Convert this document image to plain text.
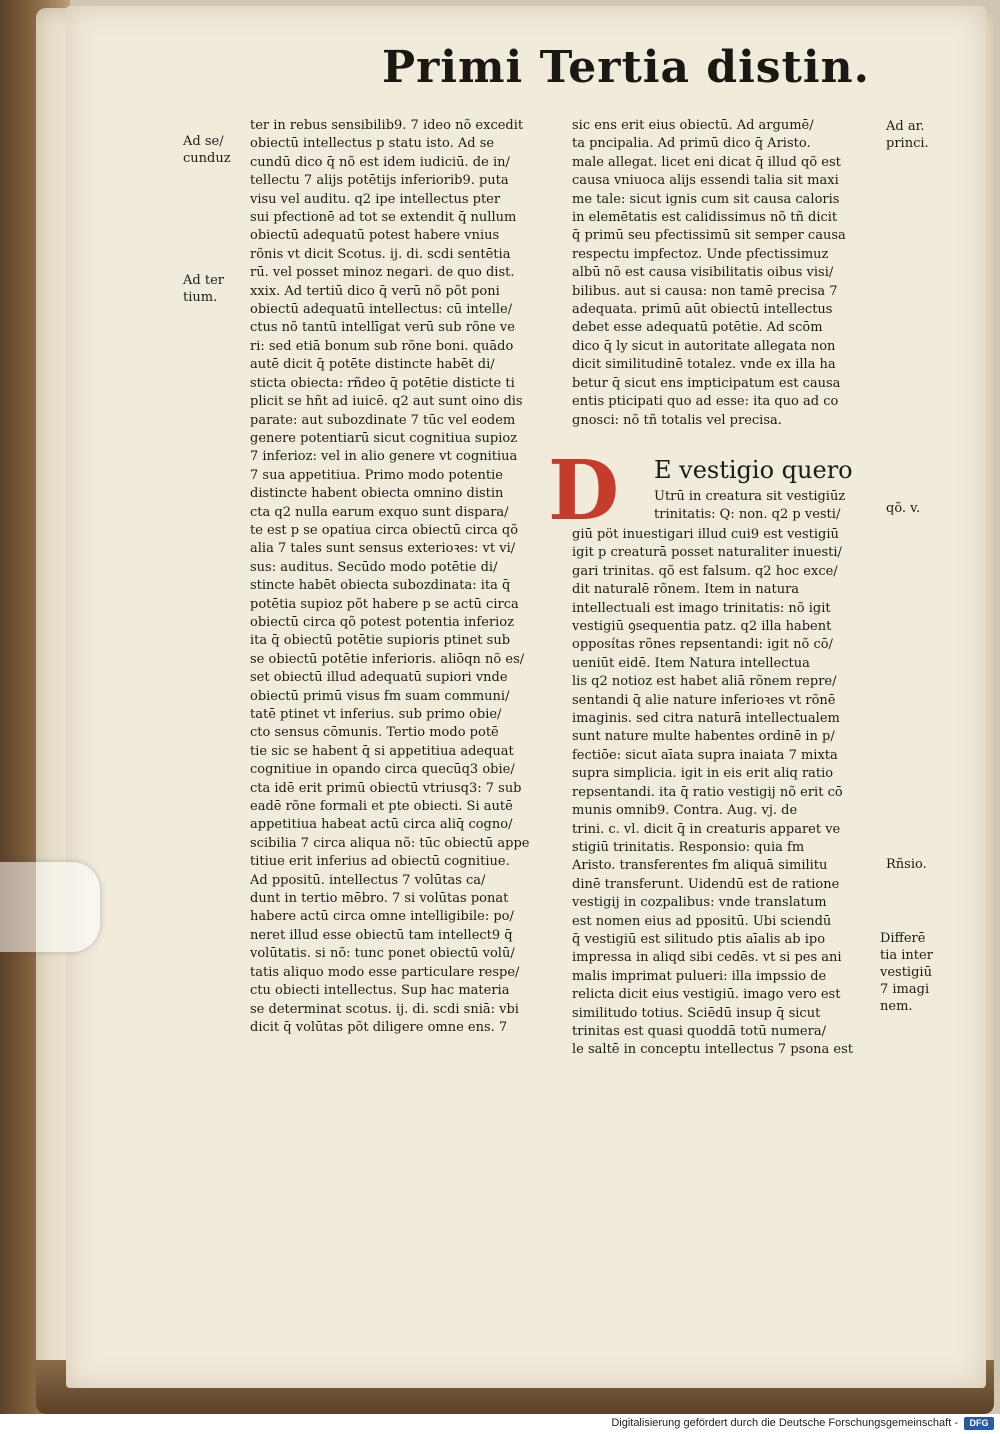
Primi Tertia distin.
Ad se/
cunduz
Ad ter
tium.
ter in rebus sensibilib9. 7 ideo nõ excedit
obiectū intellectus p statu isto. Ad se
cundū dico q̄ nõ est idem iudiciū. de in/
tellectu 7 aliјs potētijs inferiorib9. puta
visu vel auditu. q2 ipe intellectus pter
sui pfectionē ad tot se extendit q̄ nullum
obiectū adequatū potest habere vnius
rõnis vt dicit Scotus. ij. di. scdi sentētia
rū. vel posset minoz negari. de quo dist.
xxix. Ad tertiū dico q̄ verū nõ põt poni
obiectū adequatū intellectus: cū intelle/
ctus nõ tantū intellīgat verū sub rõne ve
ri: sed etiā bonum sub rõne boni. quādo
autē dicit q̄ potēte distincte habēt di/
sticta obiecta: rñdeo q̄ potētie disticte ti
plicit se hñt ad iuicē. q2 aut sunt oino dis
parate: aut subozdinate 7 tūc vel eodem
genere potentiarū sicut cognitiua supioz
7 inferioz: vel in alio genere vt cognitiua
7 sua appetitiua. Primo modo potentie
distincte habent obiecta omnino distin
cta q2 nulla earum exquo sunt dispara/
te est p se opatiua circa obiectū circa qõ
alia 7 tales sunt sensus exterioꝛes: vt vi/
sus: auditus. Secūdo modo potētie di/
stincte habēt obiecta subozdinata: ita q̄
potētia supioz põt habere p se actū circa
obiectū circa qõ potest potentia inferioz
ita q̄ obiectū potētie supioris ptinet sub
se obiectū potētie inferioris. aliōqn nõ es/
set obiectū illud adequatū supiori vnde
obiectū primū visus fm suam communi/
tatē ptinet vt inferius. sub primo obie/
cto sensus cōmunis. Tertio modo potē
tie sic se habent q̄ si appetitiua adequat
cognitiue in opando circa quecūq3 obie/
cta idē erit primū obiectū vtriusq3: 7 sub
eadē rõne formali et pte obiecti. Si autē
appetitiua habeat actū circa aliq̄ cogno/
scibilia 7 circa aliqua nõ: tūc obiectū appe
titiue erit inferius ad obiectū cognitiue.
Ad ppositū. intellectus 7 volūtas ca/
dunt in tertio mēbro. 7 si volūtas ponat
habere actū circa omne intelligibile: po/
neret illud esse obiectū tam intellect9 q̄
volūtatis. si nõ: tunc ponet obiectū volū/
tatis aliquo modo esse particulare respe/
ctu obiecti intellectus. Sup hac materia
se determinat scotus. ij. di. scdi sniā: vbi
dicit q̄ volūtas põt diligere omne ens. 7
sic ens erit eius obiectū. Ad argumē/
ta pncipalia. Ad primū dico q̄ Aristo.
male allegat. licet eni dicat q̄ illud qõ est
causa vniuoca aliјs essendi talia sit maxi
me tale: sicut ignis cum sit causa caloris
in elemētatis est calidissimus nõ tñ dicit
q̄ primū seu pfectissimū sit semper causa
respectu impfectoz. Unde pfectissimuz
albū nõ est causa visibilitatis oibus visi/
bilibus. aut si causa: non tamē precisa 7
adequata. primū aūt obiectū intellectus
debet esse adequatū potētie. Ad scōm
dico q̄ ly sicut in autoritate allegata non
dicit similitudinē totalez. vnde ex illa ha
betur q̄ sicut ens impticipatum est causa
entis pticipati quo ad esse: ita quo ad co
gnosci: nõ tñ totalis vel precisa.
D E vestigio quero
Utrū in creatura sit vestigiūz
trinitatis: Q: non. q2 p vesti/
giū pöt inuestigari illud cui9 est vestigiū
igit p creaturā posset naturaliter inuesti/
gari trinitas. qõ est falsum. q2 hoc exce/
dit naturalē rõnem. Item in natura
intellectuali est imago trinitatis: nõ igit
vestigiū ꝯsequentia patz. q2 illa habent
opposítas rõnes repsentandi: igit nõ cō/
ueniūt eidē. Item Natura intellectua
lis q2 notioz est habet aliā rõnem repre/
sentandi q̄ alie nature inferioꝛes vt rõnē
imaginis. sed citra naturā intellectualem
sunt nature multe habentes ordinē in p/
fectiōe: sicut aīata supra inaiata 7 mixta
supra simplicia. igit in eis erit aliq ratio
repsentandi. ita q̄ ratio vestigij nõ erit cō
munis omnib9. Contra. Aug. vj. de
trini. c. vl. dicit q̄ in creaturis apparet ve
stigiū trinitatis. Responsio: quia fm
Aristo. transferentes fm aliquā similitu
dinē transferunt. Uidendū est de ratione
vestigij in cozpalibus: vnde translatum
est nomen eius ad ppositū. Ubi sciendū
q̄ vestigiū est silitudo ptis aīalis ab ipo
impressa in aliqd sibi cedēs. vt si pes ani
malis imprimat pulueri: illa impssio de
relicta dicit eius vestigiū. imago vero est
similitudo totius. Sciēdū insup q̄ sicut
trinitas est quasi quoddā totū numera/
le saltē in conceptu intellectus 7 psona est
Ad ar.
princi.
qõ. v.
Rñsio.
Differē
tia inter
vestigiū
7 imagi
nem.
Digitalisierung gefördert durch die Deutsche Forschungsgemeinschaft -	DFG
